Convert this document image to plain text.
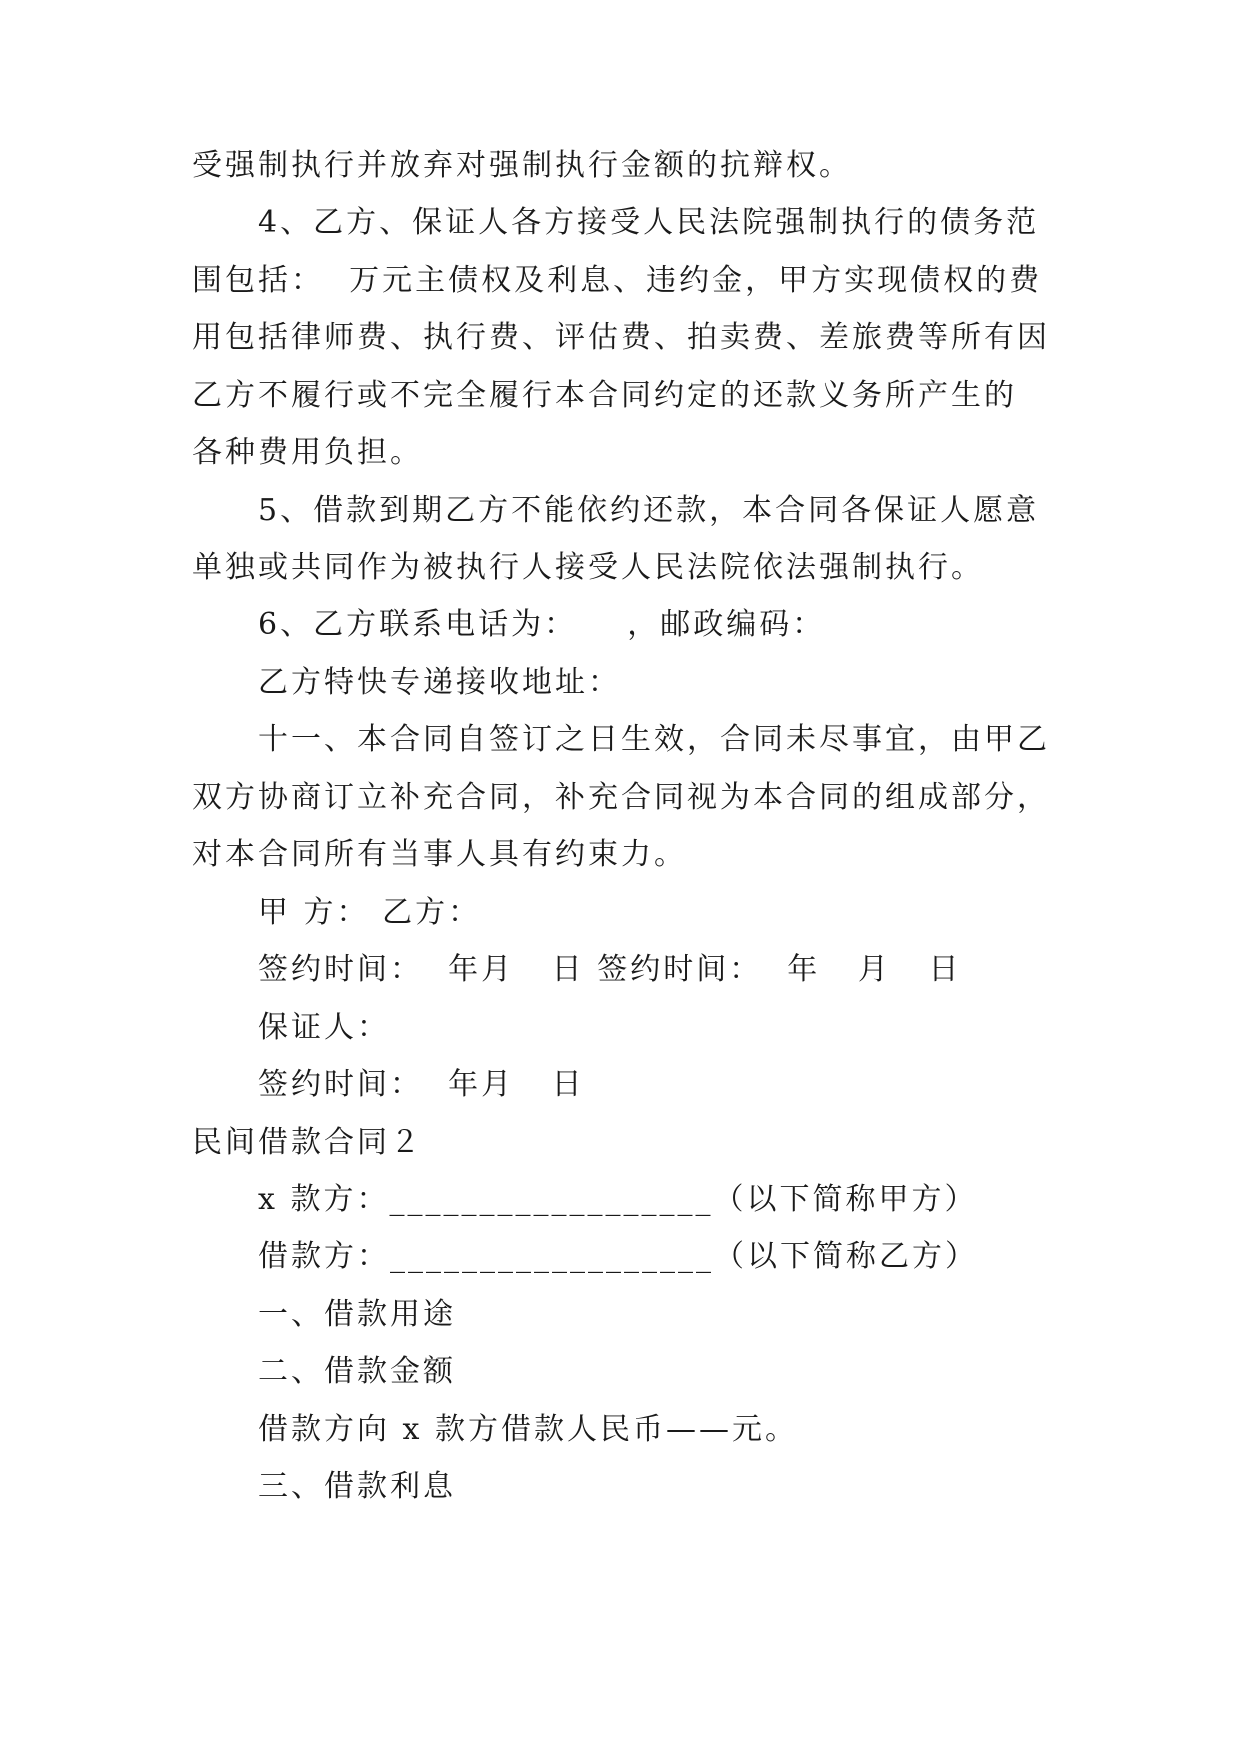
受强制执行并放弃对强制执行金额的抗辩权。
4、乙方、保证人各方接受人民法院强制执行的债务范
围包括：  万元主债权及利息、违约金，甲方实现债权的费
用包括律师费、执行费、评估费、拍卖费、差旅费等所有因
乙方不履行或不完全履行本合同约定的还款义务所产生的
各种费用负担。
5、借款到期乙方不能依约还款，本合同各保证人愿意
单独或共同作为被执行人接受人民法院依法强制执行。
6、乙方联系电话为：    ，邮政编码：
乙方特快专递接收地址：
十一、本合同自签订之日生效，合同未尽事宜，由甲乙
双方协商订立补充合同，补充合同视为本合同的组成部分，
对本合同所有当事人具有约束力。
甲 方： 乙方：
签约时间：  年月   日 签约时间：  年   月   日
保证人：
签约时间：  年月   日
民间借款合同２
x 款方：__________________（以下简称甲方）
借款方：__________________（以下简称乙方）
一、借款用途
二、借款金额
借款方向 x 款方借款人民币——元。
三、借款利息
